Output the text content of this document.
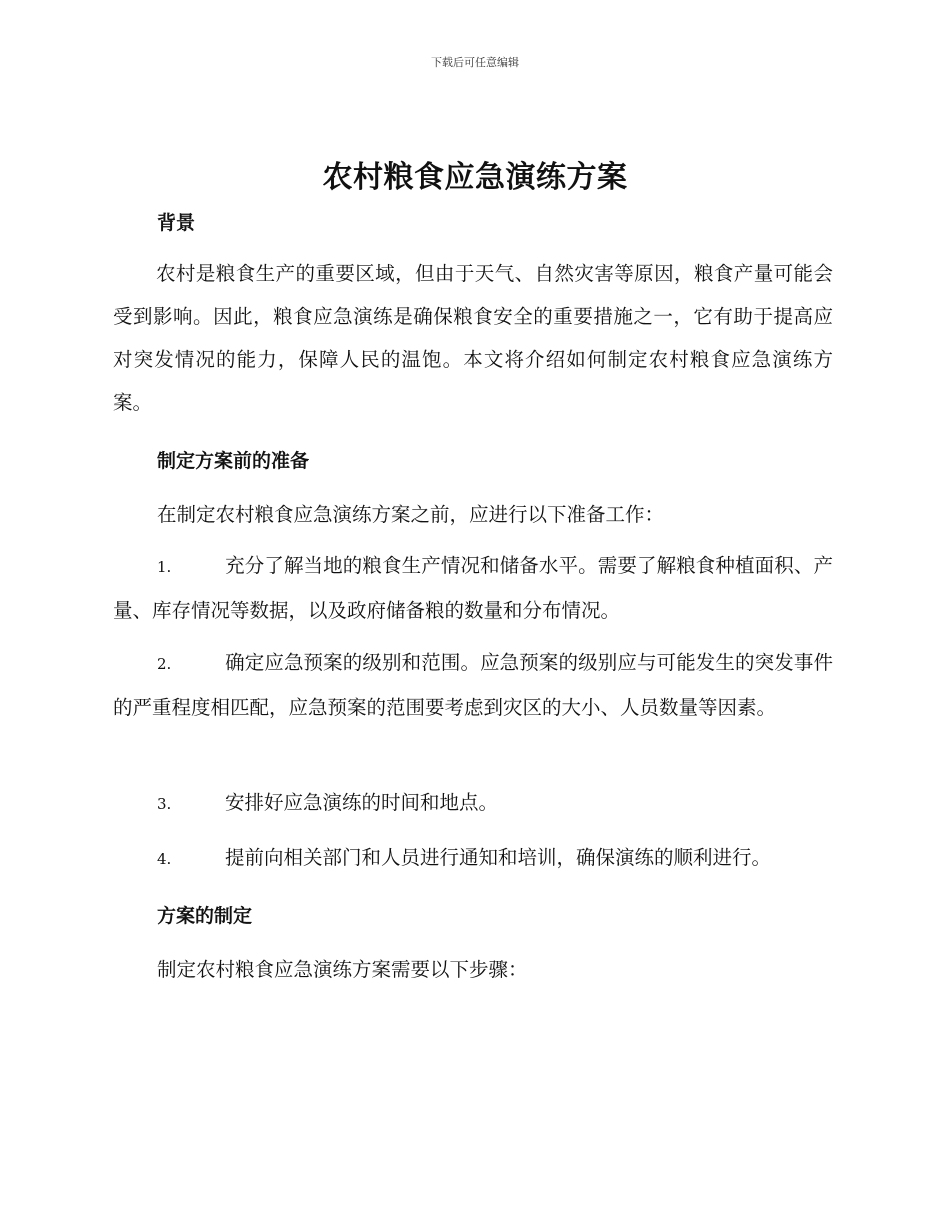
下载后可任意编辑
农村粮食应急演练方案
背景

农村是粮食生产的重要区域，但由于天气、自然灾害等原因，粮食产量可能会受到影响。因此，粮食应急演练是确保粮食安全的重要措施之一，它有助于提高应对突发情况的能力，保障人民的温饱。本文将介绍如何制定农村粮食应急演练方案。

制定方案前的准备

在制定农村粮食应急演练方案之前，应进行以下准备工作：

1.	充分了解当地的粮食生产情况和储备水平。需要了解粮食种植面积、产量、库存情况等数据，以及政府储备粮的数量和分布情况。

2.	确定应急预案的级别和范围。应急预案的级别应与可能发生的突发事件的严重程度相匹配，应急预案的范围要考虑到灾区的大小、人员数量等因素。

3.	安排好应急演练的时间和地点。

4.	提前向相关部门和人员进行通知和培训，确保演练的顺利进行。

方案的制定

制定农村粮食应急演练方案需要以下步骤：
